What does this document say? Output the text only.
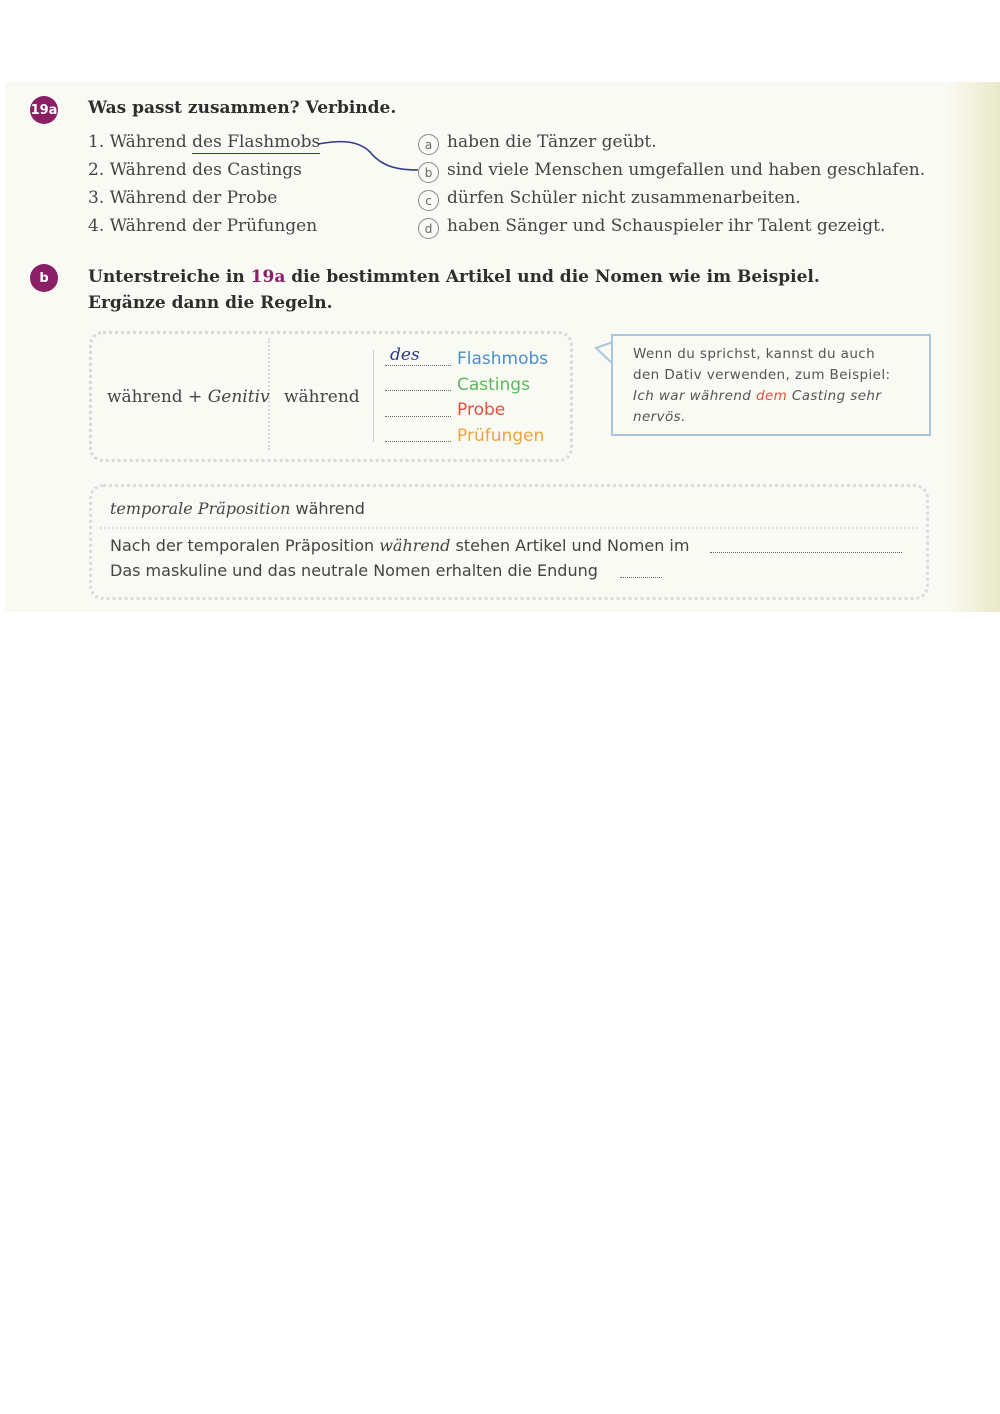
19a Was passt zusammen? Verbinde.
1. Während des Flashmobs
2. Während des Castings
3. Während der Probe
4. Während der Prüfungen
a haben die Tänzer geübt.
b sind viele Menschen umgefallen und haben geschlafen.
c dürfen Schüler nicht zusammenarbeiten.
d haben Sänger und Schauspieler ihr Talent gezeigt.
b	Unterstreiche in 19a die bestimmten Artikel und die Nomen wie im Beispiel.
Ergänze dann die Regeln.
während + Genitiv während
des Flashmobs
Castings
Probe
Prüfungen
Wenn du sprichst, kannst du auch
den Dativ verwenden, zum Beispiel:
Ich war während dem Casting sehr
nervös.
temporale Präposition während
Nach der temporalen Präposition während stehen Artikel und Nomen im
Das maskuline und das neutrale Nomen erhalten die Endung
